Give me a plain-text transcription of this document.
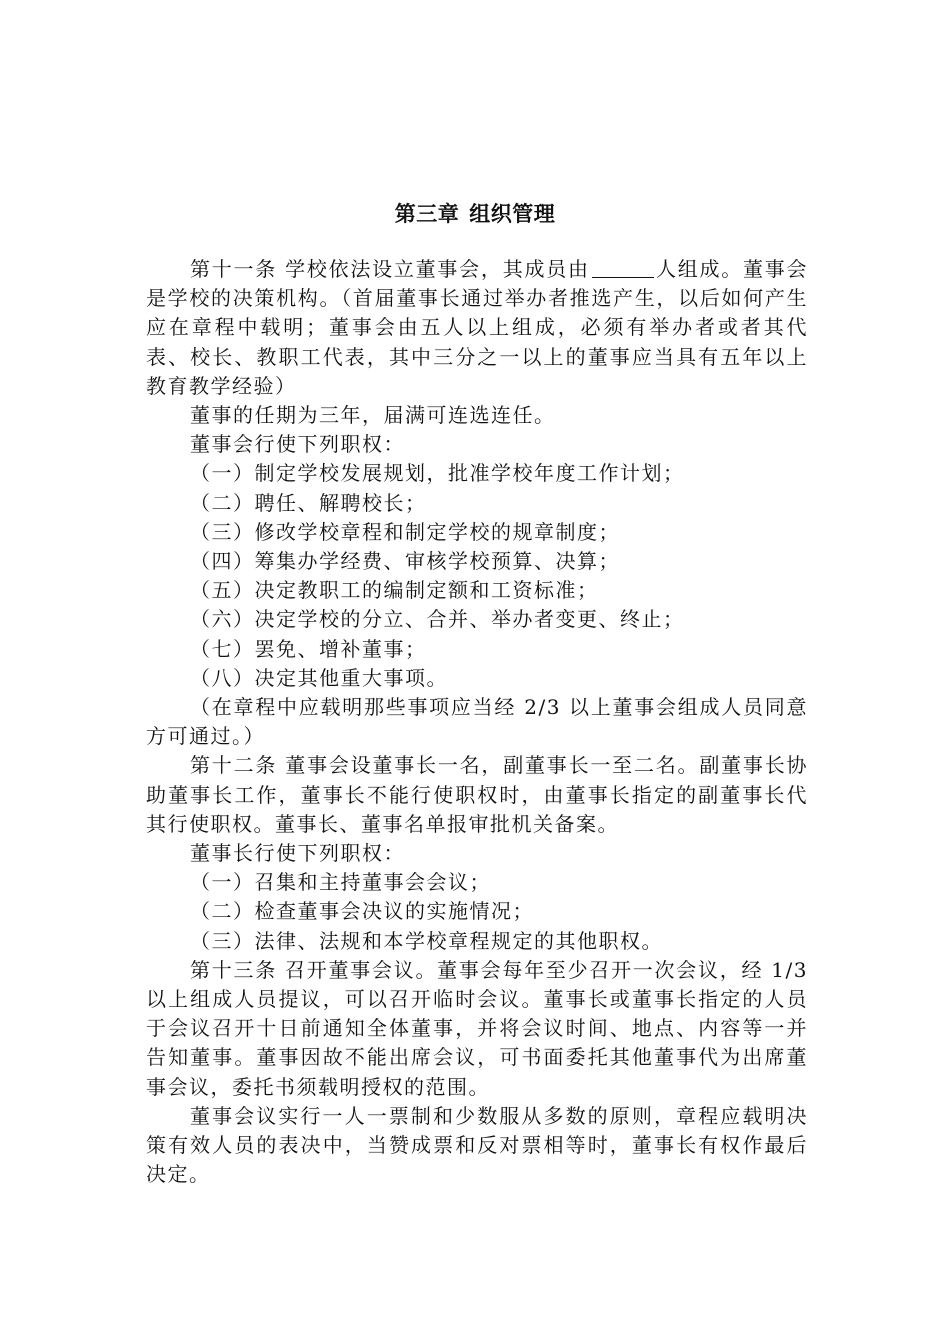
第三章 组织管理

第十一条 学校依法设立董事会，其成员由	人组成。董事会是学校的决策机构。（首届董事长通过举办者推选产生，以后如何产生应在章程中载明；董事会由五人以上组成，必须有举办者或者其代表、校长、教职工代表，其中三分之一以上的董事应当具有五年以上教育教学经验）

董事的任期为三年，届满可连选连任。

董事会行使下列职权：

（一）制定学校发展规划，批准学校年度工作计划；

（二）聘任、解聘校长；

（三）修改学校章程和制定学校的规章制度；

（四）筹集办学经费、审核学校预算、决算；

（五）决定教职工的编制定额和工资标准；

（六）决定学校的分立、合并、举办者变更、终止；

（七）罢免、增补董事；

（八）决定其他重大事项。

（在章程中应载明那些事项应当经 2/3 以上董事会组成人员同意方可通过。）

第十二条 董事会设董事长一名，副董事长一至二名。副董事长协助董事长工作，董事长不能行使职权时，由董事长指定的副董事长代其行使职权。董事长、董事名单报审批机关备案。

董事长行使下列职权：

（一）召集和主持董事会会议；

（二）检查董事会决议的实施情况；

（三）法律、法规和本学校章程规定的其他职权。

第十三条 召开董事会议。董事会每年至少召开一次会议，经 1/3 以上组成人员提议，可以召开临时会议。董事长或董事长指定的人员于会议召开十日前通知全体董事，并将会议时间、地点、内容等一并告知董事。董事因故不能出席会议，可书面委托其他董事代为出席董事会议，委托书须载明授权的范围。

董事会议实行一人一票制和少数服从多数的原则，章程应载明决策有效人员的表决中，当赞成票和反对票相等时，董事长有权作最后决定。
